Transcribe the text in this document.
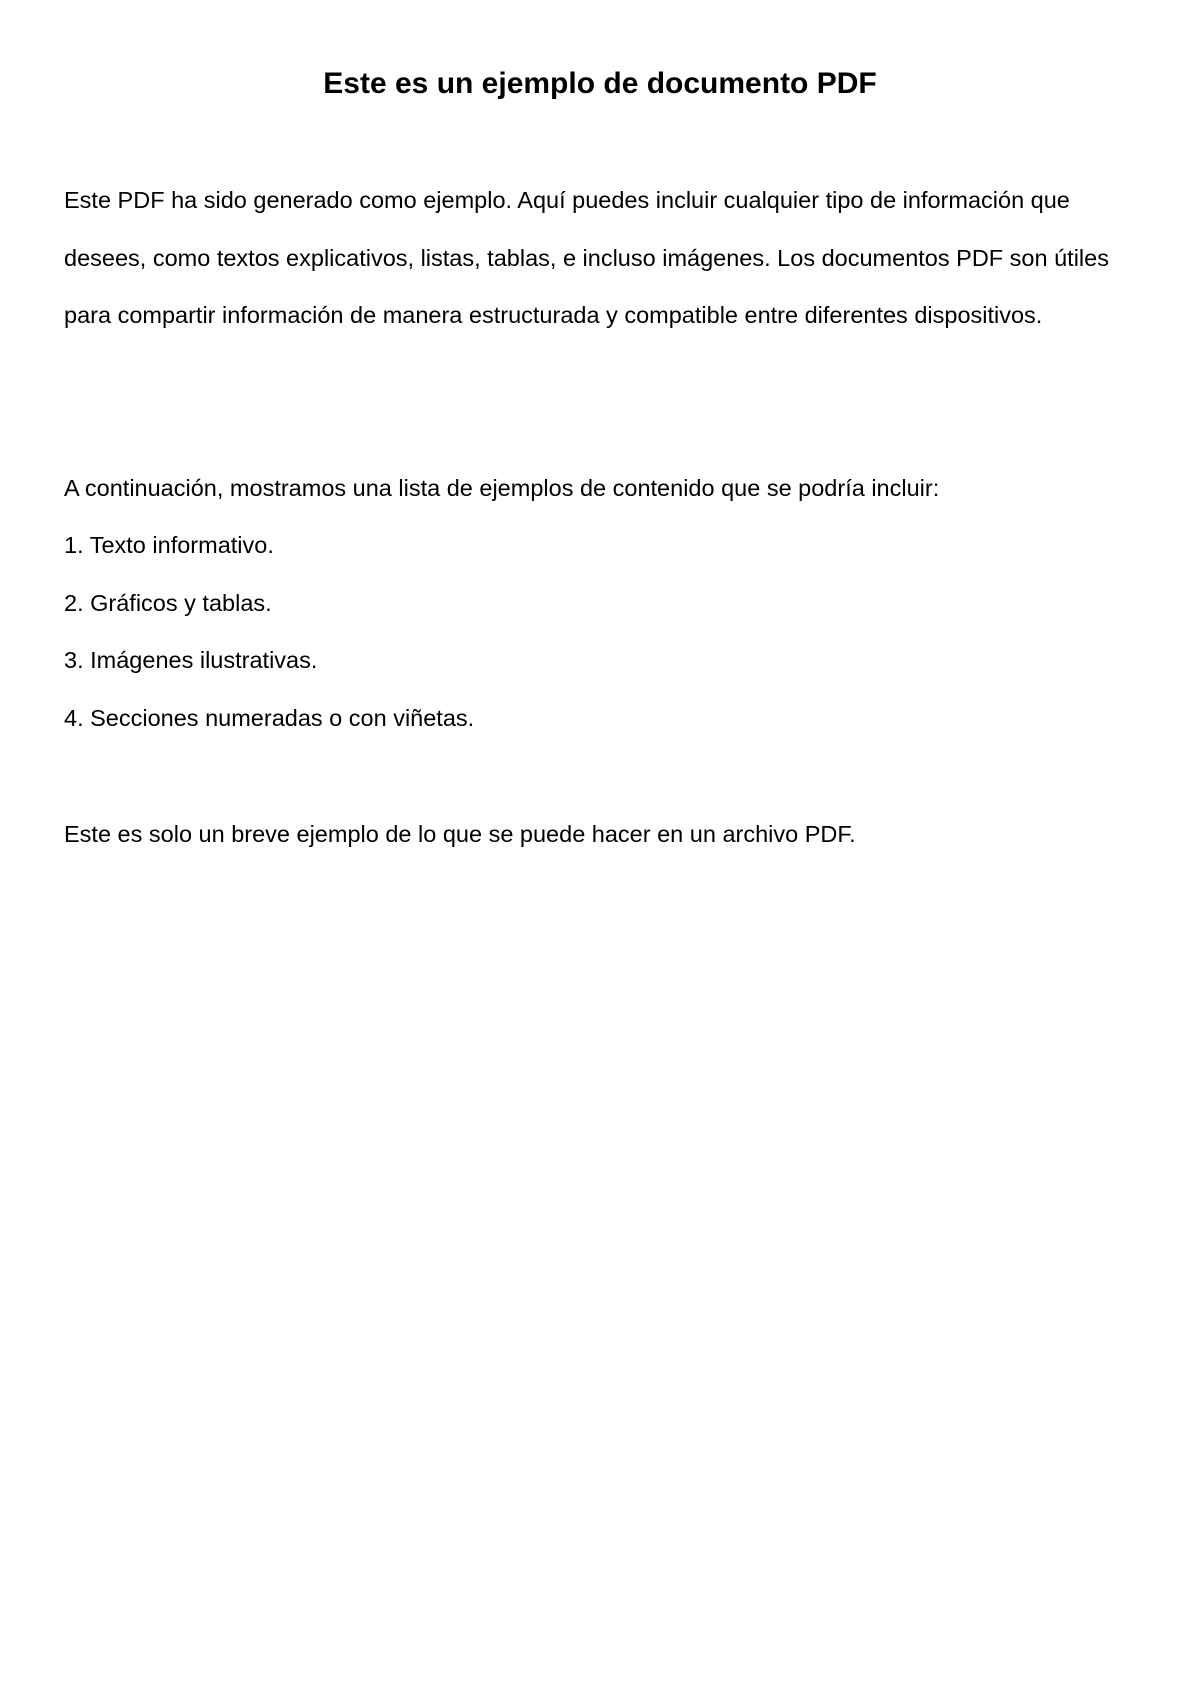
Este es un ejemplo de documento PDF

Este PDF ha sido generado como ejemplo. Aquí puedes incluir cualquier tipo de información que desees, como textos explicativos, listas, tablas, e incluso imágenes. Los documentos PDF son útiles para compartir información de manera estructurada y compatible entre diferentes dispositivos.

A continuación, mostramos una lista de ejemplos de contenido que se podría incluir:

1. Texto informativo.
2. Gráficos y tablas.
3. Imágenes ilustrativas.
4. Secciones numeradas o con viñetas.

Este es solo un breve ejemplo de lo que se puede hacer en un archivo PDF.
